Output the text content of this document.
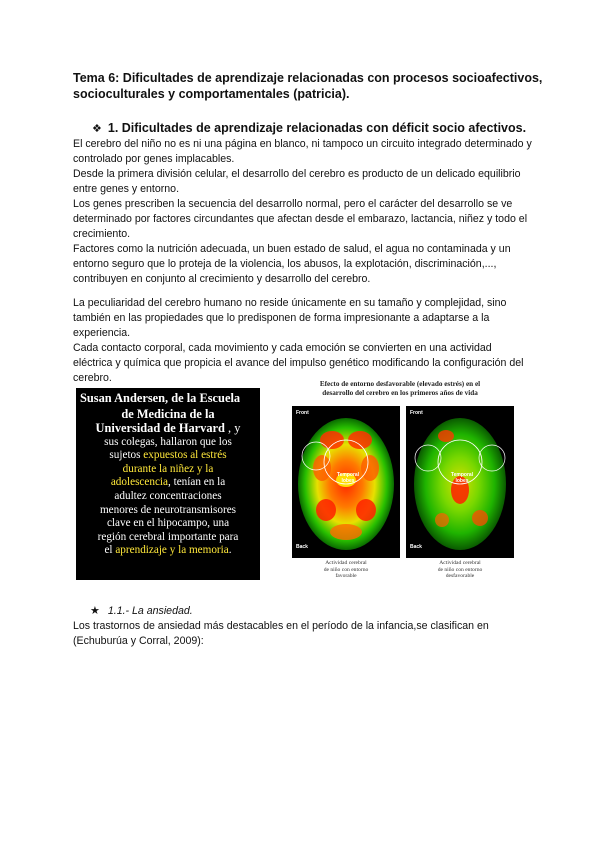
Tema 6: Dificultades de aprendizaje relacionadas con procesos socioafectivos, socioculturales y comportamentales (patricia).
❖ 1. Dificultades de aprendizaje relacionadas con déficit socio afectivos.

El cerebro del niño no es ni una página en blanco, ni tampoco un circuito integrado determinado y controlado por genes implacables.

Desde la primera división celular, el desarrollo del cerebro es producto de un delicado equilibrio entre genes y entorno.

Los genes prescriben la secuencia del desarrollo normal, pero el carácter del desarrollo se ve determinado por factores circundantes que afectan desde el embarazo, lactancia, niñez y todo el crecimiento.

Factores como la nutrición adecuada, un buen estado de salud, el agua no contaminada y un entorno seguro que lo proteja de la violencia, los abusos, la explotación, discriminación,..., contribuyen en conjunto al crecimiento y desarrollo del cerebro.

La peculiaridad del cerebro humano no reside únicamente en su tamaño y complejidad, sino también en las propiedades que lo predisponen de forma impresionante a adaptarse a la experiencia.

Cada contacto corporal, cada movimiento y cada emoción se convierten en una actividad eléctrica y química que propicia el avance del impulso genético modificando la configuración del cerebro.

Susan Andersen, de la Escuela

de Medicina de la
Universidad de Harvard , y
sus colegas, hallaron que los
sujetos expuestos al estrés
durante la niñez y la
adolescencia, tenían en la
adultez concentraciones
menores de neurotransmisores
clave en el hipocampo, una
región cerebral importante para
el aprendizaje y la memoria.
Efecto de entorno desfavorable (elevado estrés) en el
desarrollo del cerebro en los primeros años de vida
Front
Temporal lobes
Back
Front
Temporal lobes
Back
Actividad cerebral
de niño con entorno
favorable
Actividad cerebral
de niño con entorno
desfavorable
★ 1.1.- La ansiedad.

Los trastornos de ansiedad más destacables en el período de la infancia,se clasifican en (Echuburúa y Corral, 2009):
